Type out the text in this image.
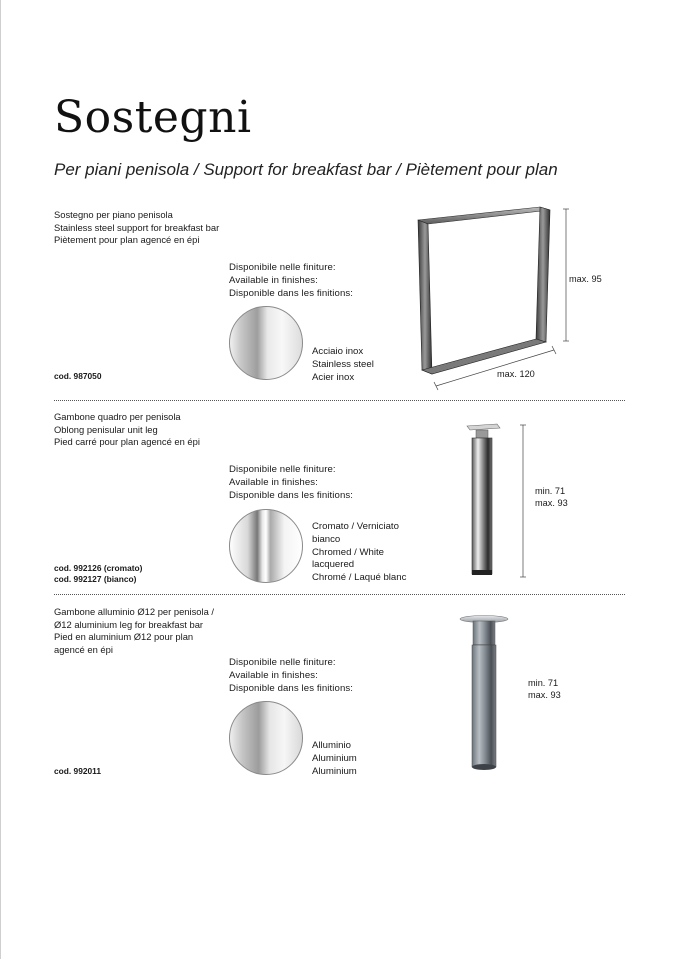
Sostegni

Per piani penisola / Support for breakfast bar / Piètement pour plan

Sostegno per piano penisola
Stainless steel support for breakfast bar
Piètement pour plan agencé en épi
Disponibile nelle finiture:
Available in finishes:
Disponible dans les finitions:
Acciaio inox
Stainless steel
Acier inox
cod. 987050
max. 95
max. 120
Gambone quadro per penisola
Oblong penisular unit leg
Pied carré pour plan agencé en épi
Disponibile nelle finiture:
Available in finishes:
Disponible dans les finitions:
Cromato / Verniciato
bianco
Chromed / White
lacquered
Chromé / Laqué blanc
cod. 992126 (cromato)
cod. 992127 (bianco)
min. 71
max. 93
Gambone alluminio Ø12 per penisola /
Ø12 aluminium leg for breakfast bar
Pied en aluminium Ø12 pour plan
agencé en épi
Disponibile nelle finiture:
Available in finishes:
Disponible dans les finitions:
Alluminio
Aluminium
Aluminium
cod. 992011
min. 71
max. 93
